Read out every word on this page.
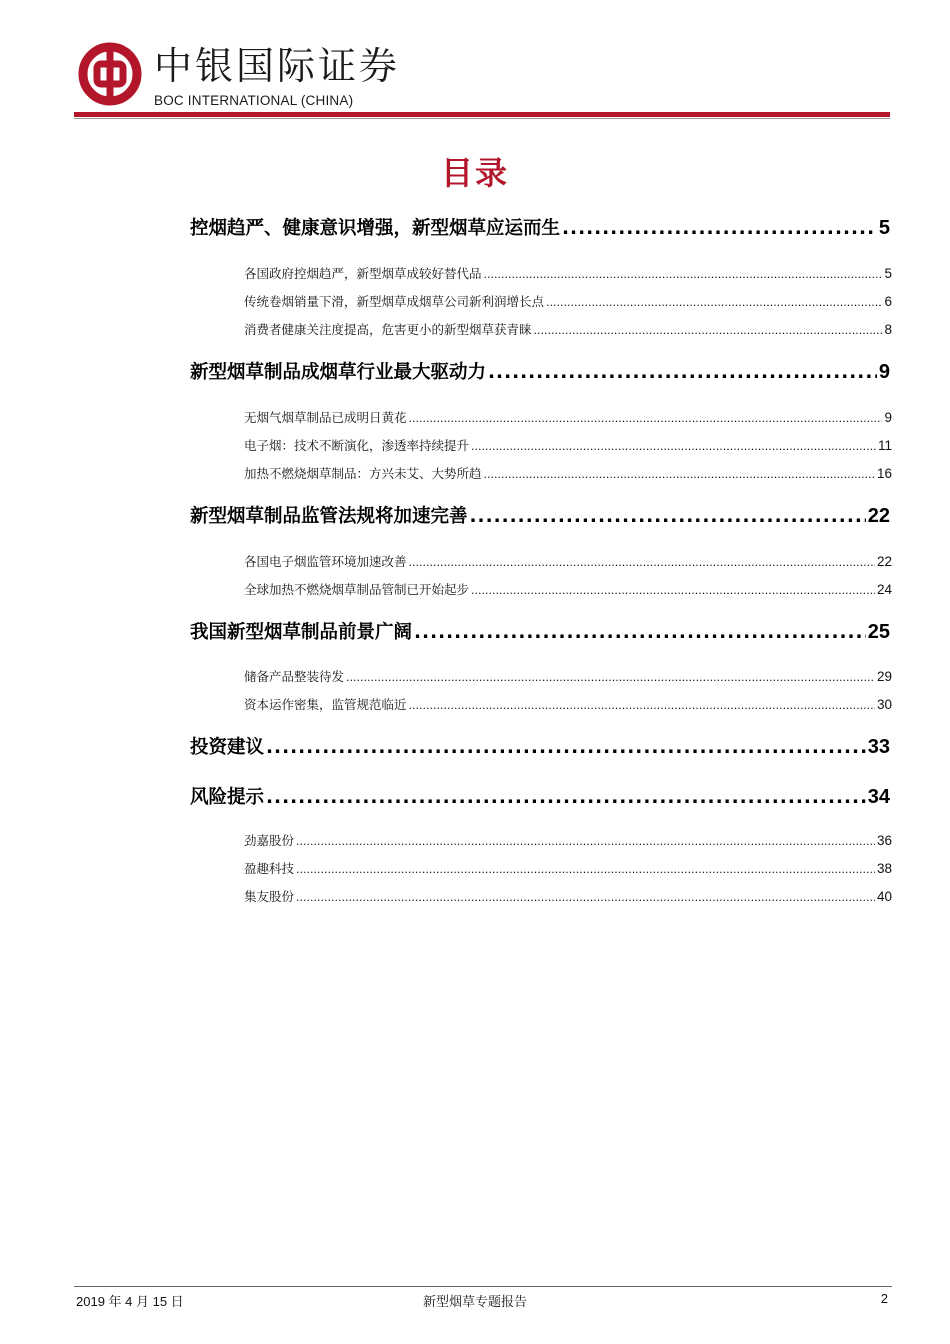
中银国际证券
BOC INTERNATIONAL (CHINA)
目录
控烟趋严、健康意识增强，新型烟草应运而生 .....	5
各国政府控烟趋严，新型烟草成较好替代品 .....	5
传统卷烟销量下滑，新型烟草成烟草公司新利润增长点 .....	6
消费者健康关注度提高，危害更小的新型烟草获青睐 .....	8
新型烟草制品成烟草行业最大驱动力 .....	9
无烟气烟草制品已成明日黄花 .....	9
电子烟：技术不断演化，渗透率持续提升 .....	11
加热不燃烧烟草制品：方兴未艾、大势所趋 .....	16
新型烟草制品监管法规将加速完善 .....	22
各国电子烟监管环境加速改善 .....	22
全球加热不燃烧烟草制品管制已开始起步 .....	24
我国新型烟草制品前景广阔 .....	25
储备产品整装待发 .....	29
资本运作密集，监管规范临近 .....	30
投资建议 .....	33
风险提示 .....	34
劲嘉股份 .....	36
盈趣科技 .....	38
集友股份 .....	40
2019 年 4 月 15 日	新型烟草专题报告	2
